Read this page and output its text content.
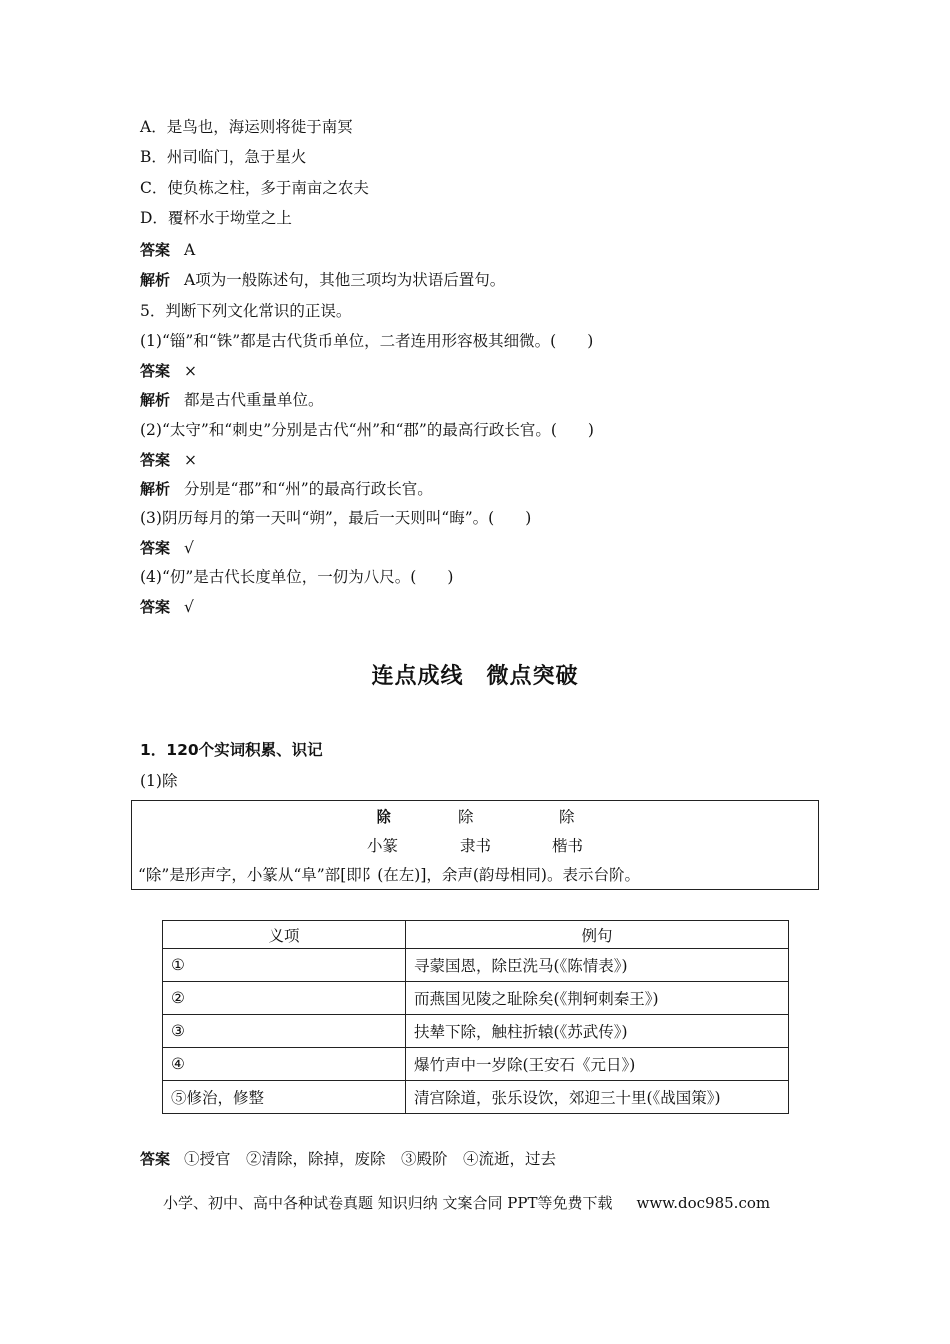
A．是鸟也，海运则将徙于南冥
B．州司临门，急于星火
C．使负栋之柱，多于南亩之农夫
D．覆杯水于坳堂之上
答案 A
解析 A项为一般陈述句，其他三项均为状语后置句。
5．判断下列文化常识的正误。
(1)“锱”和“铢”都是古代货币单位，二者连用形容极其细微。(　　)
答案 ×
解析 都是古代重量单位。
(2)“太守”和“刺史”分别是古代“州”和“郡”的最高行政长官。(　　)
答案 ×
解析 分别是“郡”和“州”的最高行政长官。
(3)阴历每月的第一天叫“朔”，最后一天则叫“晦”。(　　)
答案 √
(4)“仞”是古代长度单位，一仞为八尺。(　　)
答案 √
连点成线　微点突破
1．120个实词积累、识记
(1)除
除	除	除
小篆	隶书	楷书
“除”是形声字，小篆从“阜”部[即阝(在左)]，余声(韵母相同)。表示台阶。
义项	例句
①	寻蒙国恩，除臣洗马(《陈情表》)
②	而燕国见陵之耻除矣(《荆轲刺秦王》)
③	扶辇下除，触柱折辕(《苏武传》)
④	爆竹声中一岁除(王安石《元日》)
⑤修治，修整	清宫除道，张乐设饮，郊迎三十里(《战国策》)
答案 ①授官　②清除，除掉，废除　③殿阶　④流逝，过去
小学、初中、高中各种试卷真题 知识归纳 文案合同 PPT等免费下载 www.doc985.com
